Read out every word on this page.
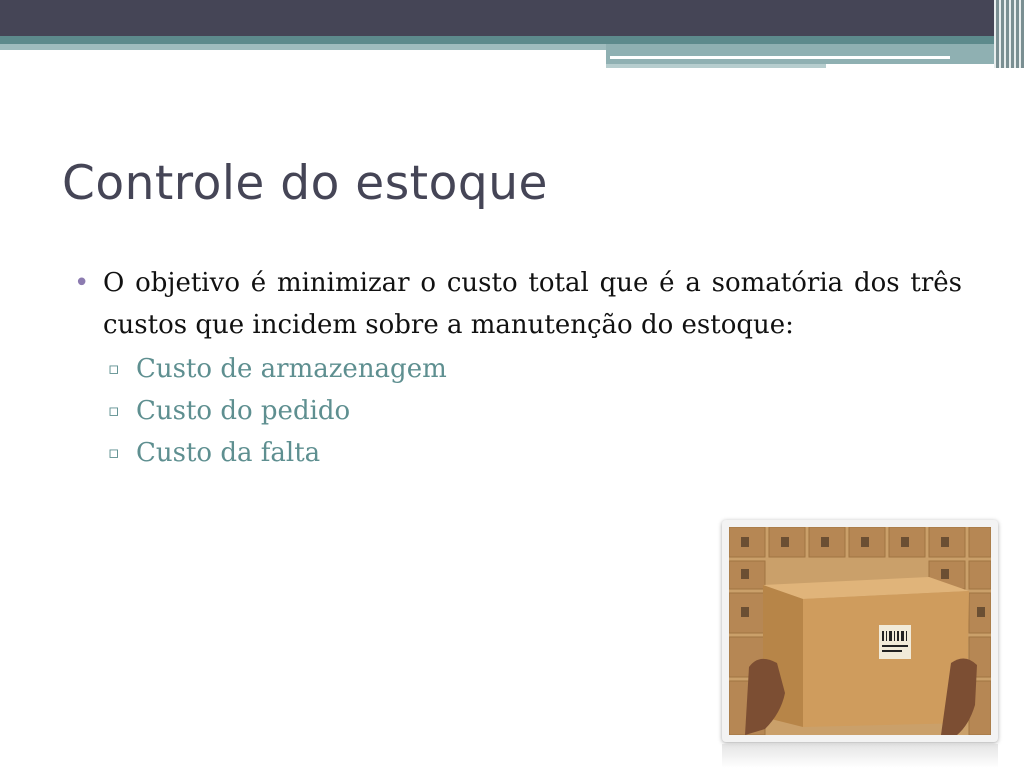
Controle do estoque

• O objetivo é minimizar o custo total que é a somatória dos três custos que incidem sobre a manutenção do estoque:

▫ Custo de armazenagem
▫ Custo do pedido
▫ Custo da falta
